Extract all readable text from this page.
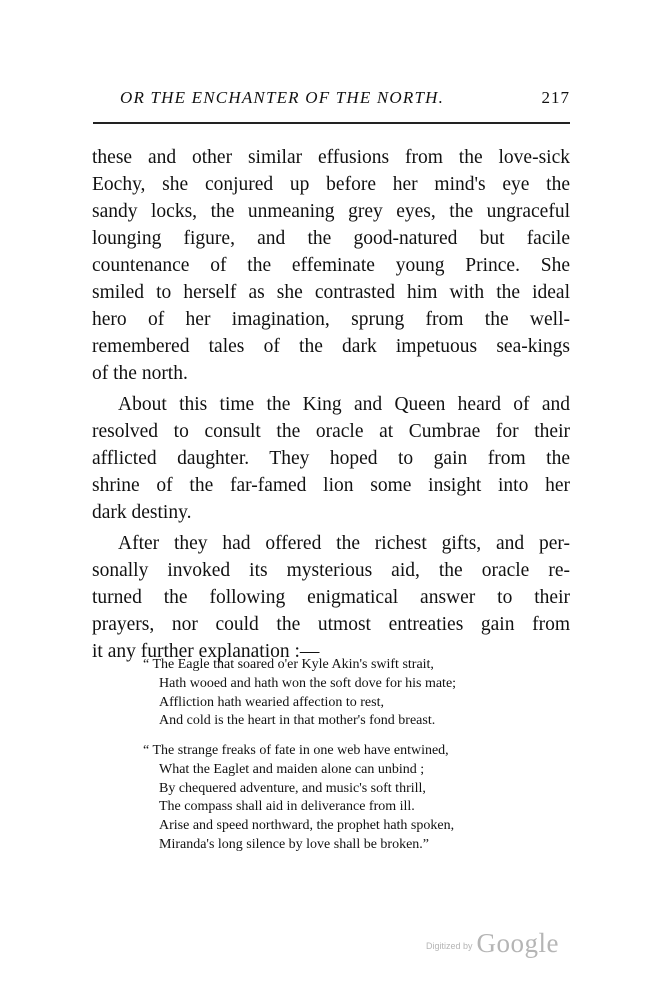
OR THE ENCHANTER OF THE NORTH.	217
these and other similar effusions from the love-sick
Eochy, she conjured up before her mind's eye the
sandy locks, the unmeaning grey eyes, the ungraceful
lounging figure, and the good-natured but facile
countenance of the effeminate young Prince. She
smiled to herself as she contrasted him with the ideal
hero of her imagination, sprung from the well-
remembered tales of the dark impetuous sea-kings
of the north.
About this time the King and Queen heard of and
resolved to consult the oracle at Cumbrae for their
afflicted daughter. They hoped to gain from the
shrine of the far-famed lion some insight into her
dark destiny.
After they had offered the richest gifts, and per-
sonally invoked its mysterious aid, the oracle re-
turned the following enigmatical answer to their
prayers, nor could the utmost entreaties gain from
it any further explanation :—
“ The Eagle that soared o'er Kyle Akin's swift strait,
Hath wooed and hath won the soft dove for his mate;
Affliction hath wearied affection to rest,
And cold is the heart in that mother's fond breast.
“ The strange freaks of fate in one web have entwined,
What the Eaglet and maiden alone can unbind ;
By chequered adventure, and music's soft thrill,
The compass shall aid in deliverance from ill.
Arise and speed northward, the prophet hath spoken,
Miranda's long silence by love shall be broken.”
Digitized by Google
